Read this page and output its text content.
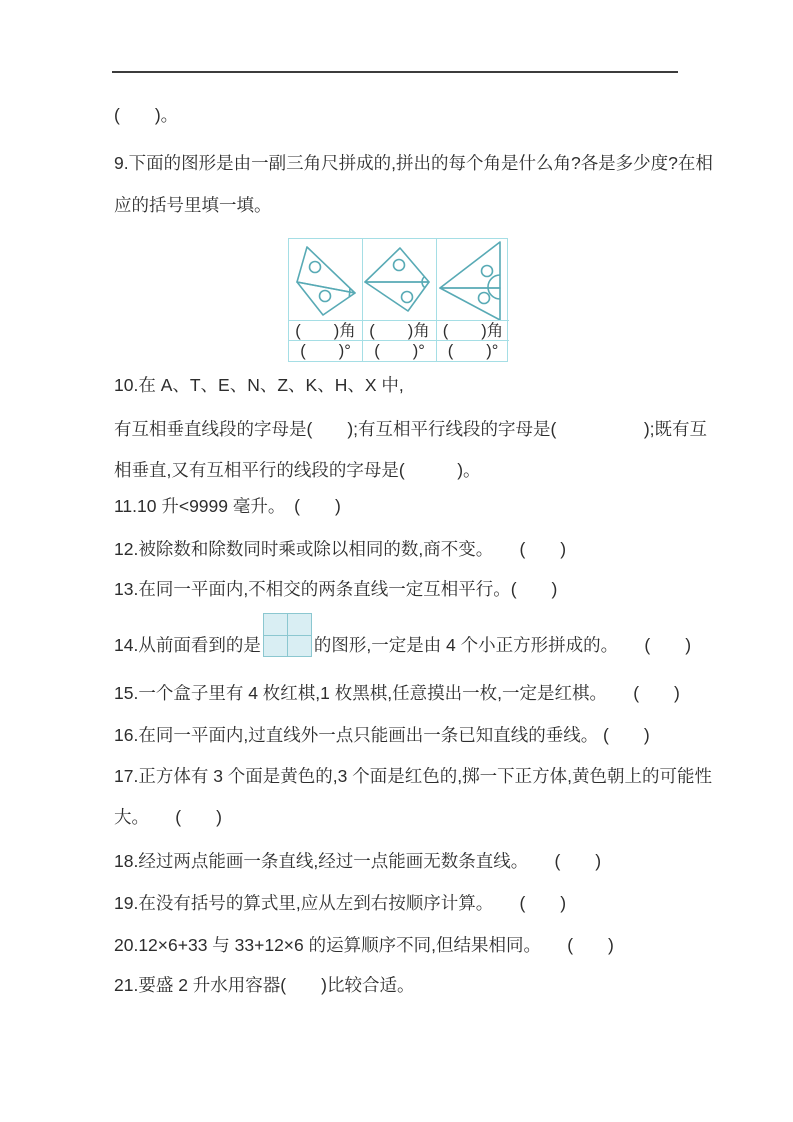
(　　)。
9.下面的图形是由一副三角尺拼成的,拼出的每个角是什么角?各是多少度?在相
应的括号里填一填。
(　　)角 (　　)角 (　　)角
(　　)°	(　　)°	(　　)°
10.在 A、T、E、N、Z、K、H、X 中,
有互相垂直线段的字母是(　　);有互相平行线段的字母是(　　　　　);既有互
相垂直,又有互相平行的线段的字母是(　　　)。
11.10 升<9999 毫升。　(　　)
12.被除数和除数同时乘或除以相同的数,商不变。　　(　　)
13.在同一平面内,不相交的两条直线一定互相平行。(　　)
14.从前面看到的是	的图形,一定是由 4 个小正方形拼成的。　　(　　)
15.一个盒子里有 4 枚红棋,1 枚黑棋,任意摸出一枚,一定是红棋。　　(　　)
16.在同一平面内,过直线外一点只能画出一条已知直线的垂线。 (　　)
17.正方体有 3 个面是黄色的,3 个面是红色的,掷一下正方体,黄色朝上的可能性
大。　　(　　)
18.经过两点能画一条直线,经过一点能画无数条直线。　　(　　)
19.在没有括号的算式里,应从左到右按顺序计算。　　(　　)
20.12×6+33 与 33+12×6 的运算顺序不同,但结果相同。　　(　　)
21.要盛 2 升水用容器(　　)比较合适。
